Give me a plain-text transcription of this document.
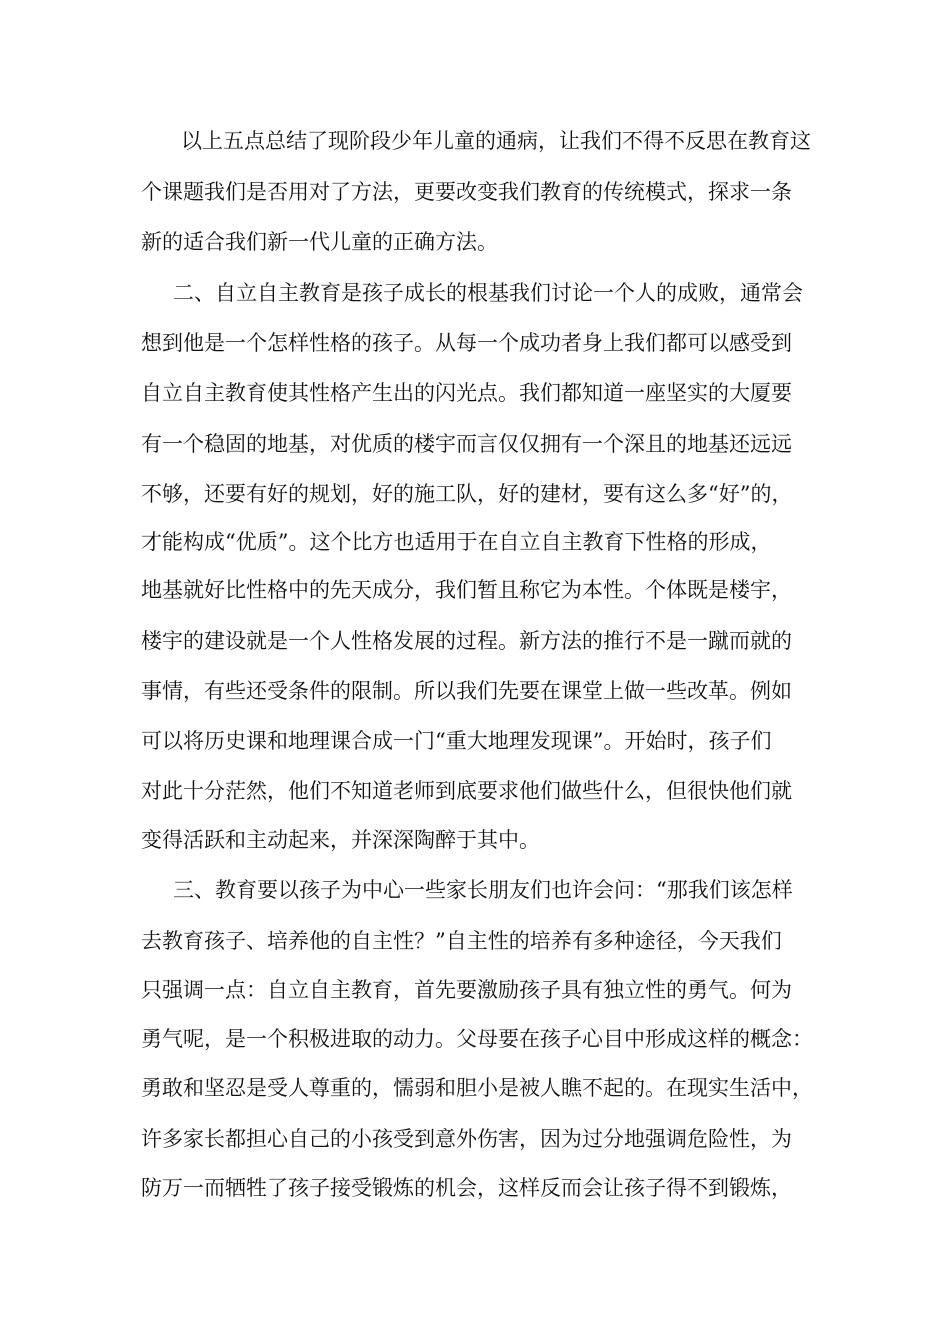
以上五点总结了现阶段少年儿童的通病，让我们不得不反思在教育这
个课题我们是否用对了方法，更要改变我们教育的传统模式，探求一条
新的适合我们新一代儿童的正确方法。
二、自立自主教育是孩子成长的根基我们讨论一个人的成败，通常会
想到他是一个怎样性格的孩子。从每一个成功者身上我们都可以感受到
自立自主教育使其性格产生出的闪光点。我们都知道一座坚实的大厦要
有一个稳固的地基，对优质的楼宇而言仅仅拥有一个深且的地基还远远
不够，还要有好的规划，好的施工队，好的建材，要有这么多“好”的，
才能构成“优质”。这个比方也适用于在自立自主教育下性格的形成，
地基就好比性格中的先天成分，我们暂且称它为本性。个体既是楼宇，
楼宇的建设就是一个人性格发展的过程。新方法的推行不是一蹴而就的
事情，有些还受条件的限制。所以我们先要在课堂上做一些改革。例如
可以将历史课和地理课合成一门“重大地理发现课”。开始时，孩子们
对此十分茫然，他们不知道老师到底要求他们做些什么，但很快他们就
变得活跃和主动起来，并深深陶醉于其中。
三、教育要以孩子为中心一些家长朋友们也许会问：“那我们该怎样
去教育孩子、培养他的自主性？”自主性的培养有多种途径，今天我们
只强调一点：自立自主教育，首先要激励孩子具有独立性的勇气。何为
勇气呢，是一个积极进取的动力。父母要在孩子心目中形成这样的概念：
勇敢和坚忍是受人尊重的，懦弱和胆小是被人瞧不起的。在现实生活中，
许多家长都担心自己的小孩受到意外伤害，因为过分地强调危险性，为
防万一而牺牲了孩子接受锻炼的机会，这样反而会让孩子得不到锻炼，
